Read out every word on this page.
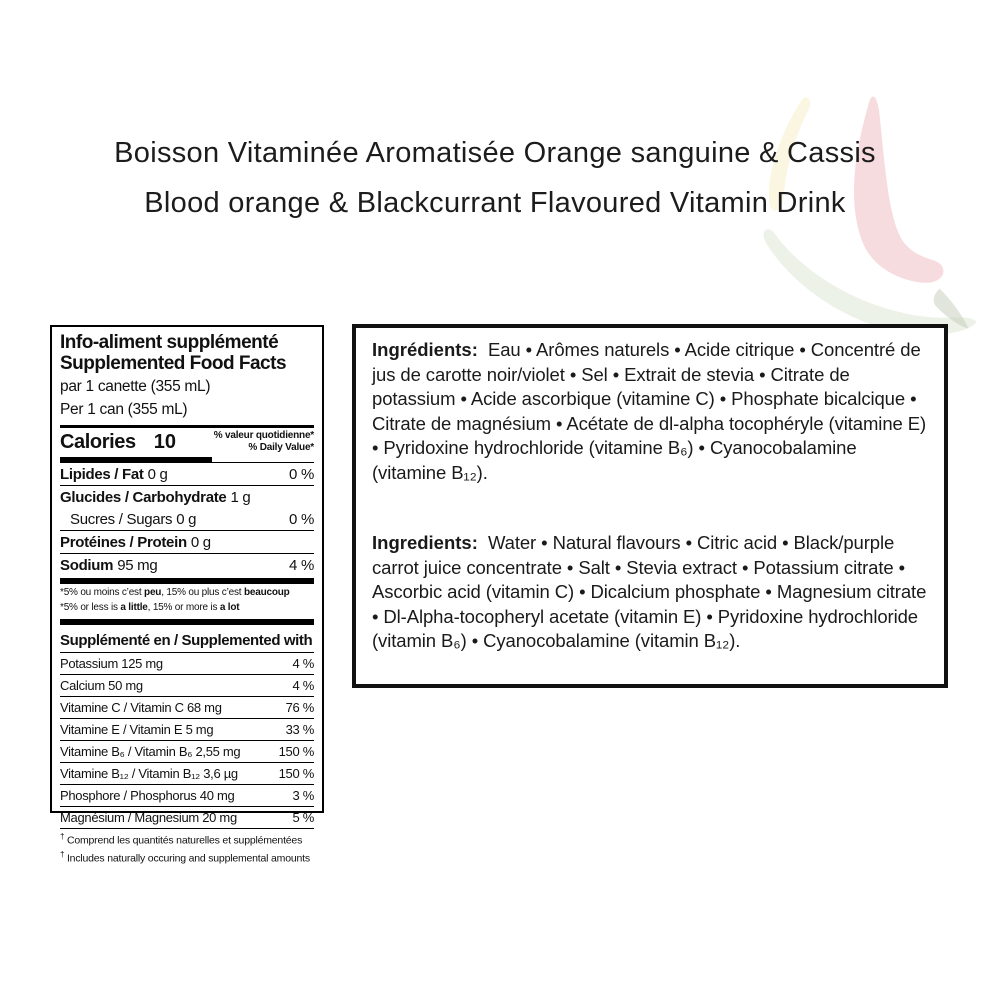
Boisson Vitaminée Aromatisée Orange sanguine & Cassis
Blood orange & Blackcurrant Flavoured Vitamin Drink
Info-aliment supplémenté
Supplemented Food Facts
par 1 canette (355 mL)
Per 1 can (355 mL)
Calories 10	% valeur quotidienne*
% Daily Value*
Lipides / Fat 0 g	0 %
Glucides / Carbohydrate 1 g
Sucres / Sugars 0 g	0 %
Protéines / Protein 0 g
Sodium 95 mg	4 %
*5% ou moins c’est peu, 15% ou plus c’est beaucoup
*5% or less is a little, 15% or more is a lot
Supplémenté en / Supplemented with
Potassium 125 mg	4 %
Calcium 50 mg	4 %
Vitamine C / Vitamin C 68 mg	76 %
Vitamine E / Vitamin E 5 mg	33 %
Vitamine B₆ / Vitamin B₆ 2,55 mg	150 %
Vitamine B₁₂ / Vitamin B₁₂ 3,6 µg	150 %
Phosphore / Phosphorus 40 mg	3 %
Magnésium / Magnesium 20 mg	5 %
† Comprend les quantités naturelles et supplémentées
† Includes naturally occuring and supplemental amounts

Ingrédients: Eau • Arômes naturels • Acide citrique • Concentré de jus de carotte noir/violet • Sel • Extrait de stevia • Citrate de potassium • Acide ascorbique (vitamine C) • Phosphate bicalcique • Citrate de magnésium • Acétate de dl-alpha tocophéryle (vitamine E) • Pyridoxine hydrochloride (vitamine B₆) • Cyanocobalamine (vitamine B₁₂).

Ingredients: Water • Natural flavours • Citric acid • Black/purple carrot juice concentrate • Salt • Stevia extract • Potassium citrate • Ascorbic acid (vitamin C) • Dicalcium phosphate • Magnesium citrate • Dl-Alpha-tocopheryl acetate (vitamin E) • Pyridoxine hydrochloride (vitamin B₆) • Cyanocobalamine (vitamin B₁₂).
